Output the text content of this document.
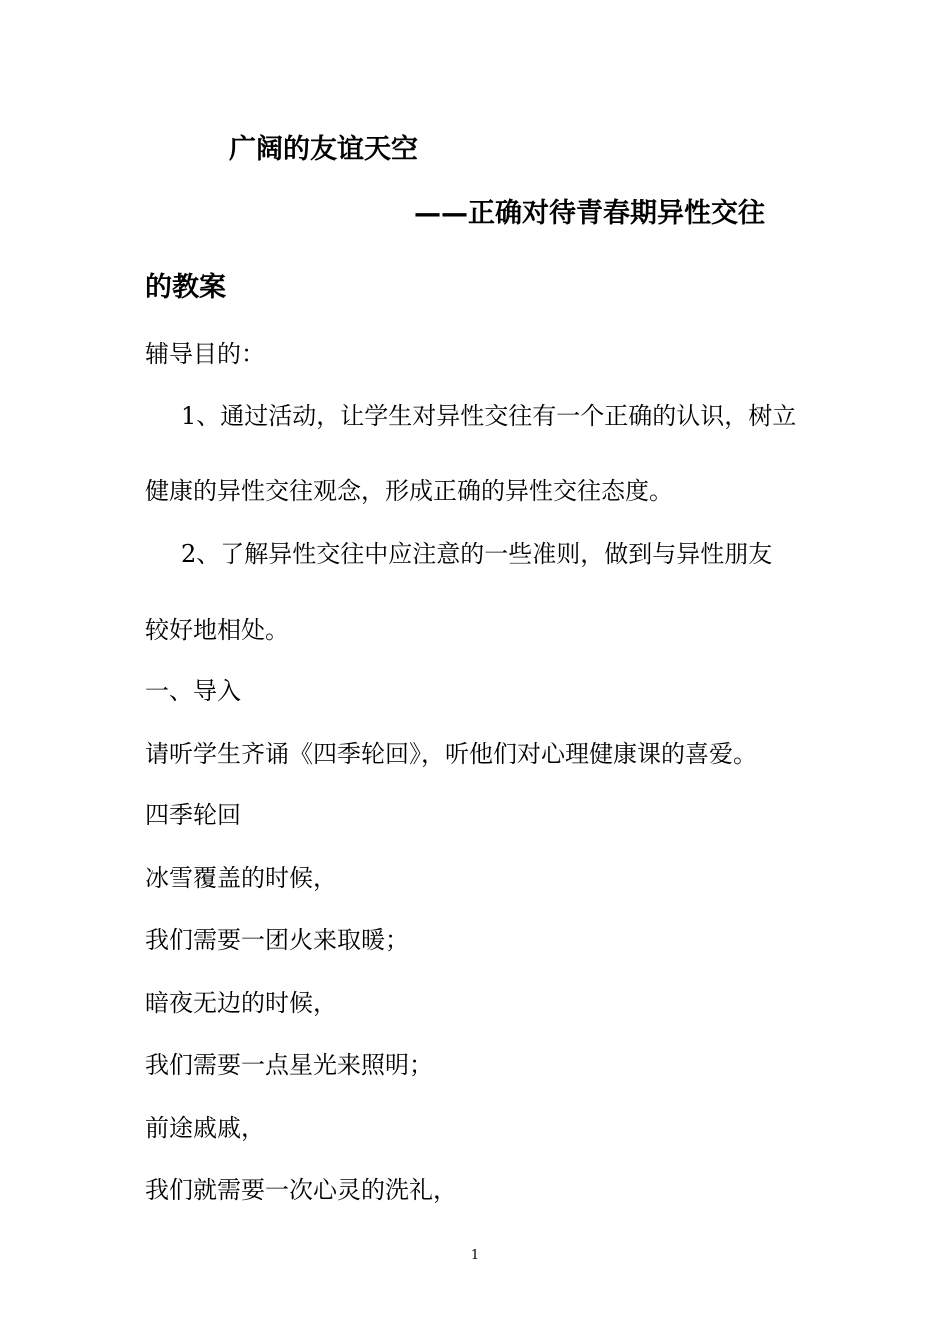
广阔的友谊天空
——正确对待青春期异性交往
的教案
辅导目的：
1、通过活动，让学生对异性交往有一个正确的认识，树立
健康的异性交往观念，形成正确的异性交往态度。
2、了解异性交往中应注意的一些准则，做到与异性朋友
较好地相处。
一、导入
请听学生齐诵《四季轮回》，听他们对心理健康课的喜爱。
四季轮回
冰雪覆盖的时候，
我们需要一团火来取暖；
暗夜无边的时候，
我们需要一点星光来照明；
前途戚戚，
我们就需要一次心灵的洗礼，
1
